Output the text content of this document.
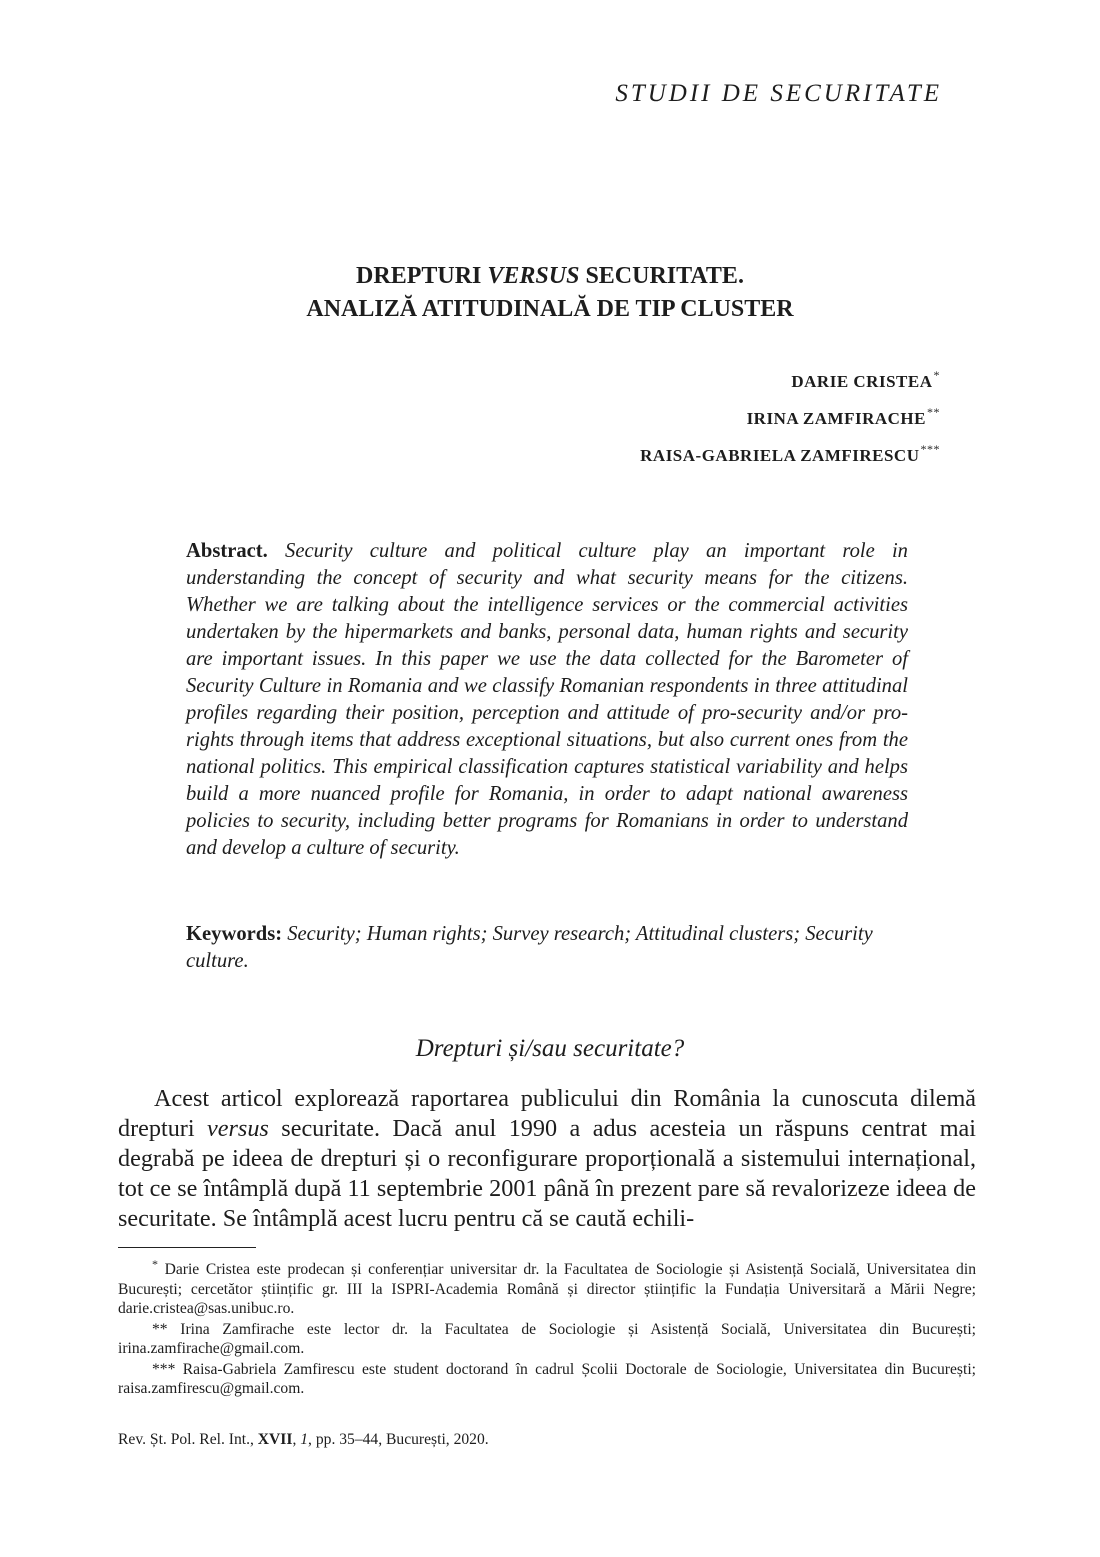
STUDII DE SECURITATE
DREPTURI VERSUS SECURITATE.
ANALIZĂ ATITUDINALĂ DE TIP CLUSTER
DARIE CRISTEA*
IRINA ZAMFIRACHE**
RAISA-GABRIELA ZAMFIRESCU***
Abstract. Security culture and political culture play an important role in understanding the concept of security and what security means for the citizens. Whether we are talking about the intelligence services or the commercial activities undertaken by the hipermarkets and banks, personal data, human rights and security are important issues. In this paper we use the data collected for the Barometer of Security Culture in Romania and we classify Romanian respondents in three attitudinal profiles regarding their position, perception and attitude of pro-security and/or pro-rights through items that address exceptional situations, but also current ones from the national politics. This empirical classification captures statistical variability and helps build a more nuanced profile for Romania, in order to adapt national awareness policies to security, including better programs for Romanians in order to understand and develop a culture of security.
Keywords: Security; Human rights; Survey research; Attitudinal clusters; Security culture.
Drepturi și/sau securitate?
Acest articol explorează raportarea publicului din România la cunoscuta dilemă drepturi versus securitate. Dacă anul 1990 a adus acesteia un răspuns centrat mai degrabă pe ideea de drepturi și o reconfigurare proporțională a sistemului internațional, tot ce se întâmplă după 11 septembrie 2001 până în prezent pare să revalorizeze ideea de securitate. Se întâmplă acest lucru pentru că se caută echili-
* Darie Cristea este prodecan și conferențiar universitar dr. la Facultatea de Sociologie și Asistență Socială, Universitatea din București; cercetător științific gr. III la ISPRI-Academia Română și director științific la Fundația Universitară a Mării Negre; darie.cristea@sas.unibuc.ro.
** Irina Zamfirache este lector dr. la Facultatea de Sociologie și Asistență Socială, Universitatea din București; irina.zamfirache@gmail.com.
*** Raisa-Gabriela Zamfirescu este student doctorand în cadrul Școlii Doctorale de Sociologie, Universitatea din București; raisa.zamfirescu@gmail.com.
Rev. Șt. Pol. Rel. Int., XVII, 1, pp. 35–44, București, 2020.
